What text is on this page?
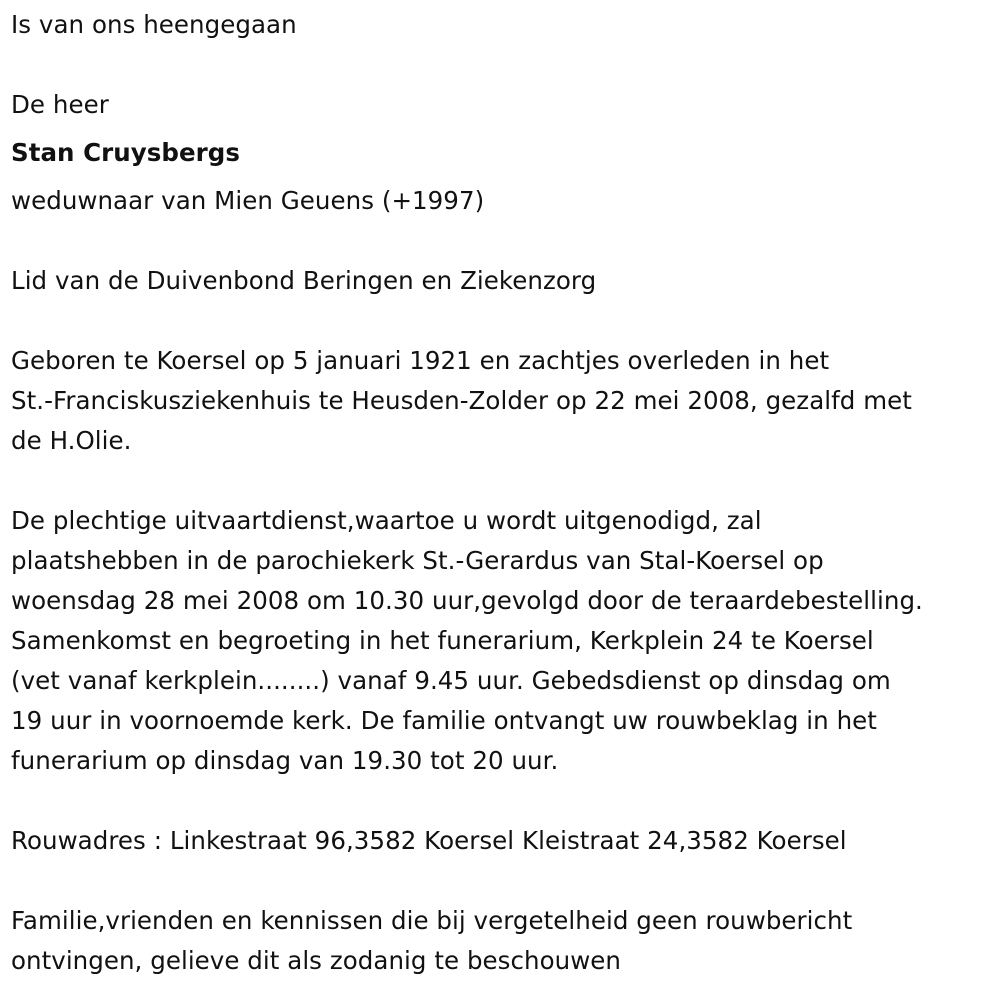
Is van ons heengegaan
De heer
Stan Cruysbergs
weduwnaar van Mien Geuens (+1997)
Lid van de Duivenbond Beringen en Ziekenzorg
Geboren te Koersel op 5 januari 1921 en zachtjes overleden in het
St.-Franciskusziekenhuis te Heusden-Zolder op 22 mei 2008, gezalfd met
de H.Olie.
De plechtige uitvaartdienst,waartoe u wordt uitgenodigd, zal
plaatshebben in de parochiekerk St.-Gerardus van Stal-Koersel op
woensdag 28 mei 2008 om 10.30 uur,gevolgd door de teraardebestelling.
Samenkomst en begroeting in het funerarium, Kerkplein 24 te Koersel
(vet vanaf kerkplein........) vanaf 9.45 uur. Gebedsdienst op dinsdag om
19 uur in voornoemde kerk. De familie ontvangt uw rouwbeklag in het
funerarium op dinsdag van 19.30 tot 20 uur.
Rouwadres : Linkestraat 96,3582 Koersel Kleistraat 24,3582 Koersel
Familie,vrienden en kennissen die bij vergetelheid geen rouwbericht
ontvingen, gelieve dit als zodanig te beschouwen
